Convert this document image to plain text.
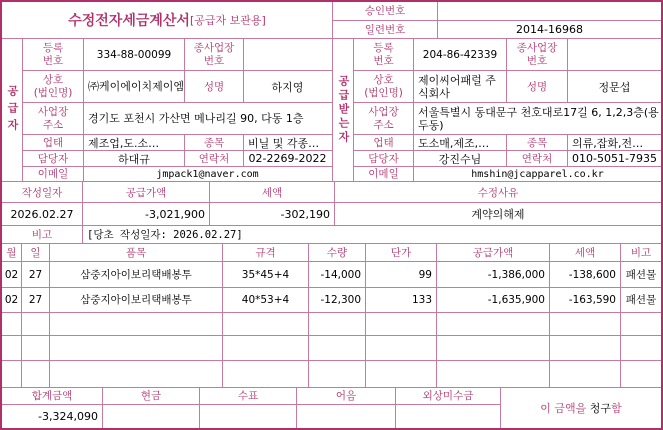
수정전자세금계산서 [공급자 보관용]
승인번호
일련번호	2014-16968
공급자
등록
번호	334-88-00099
종사업장
번호
상호
(법인명)	㈜케이에이치제이엠	성명	하지영
사업장
주소	경기도 포천시 가산면 메나리길 90, 다동 1층
업태	제조업,도.소…	종목	비닐 및 각종…
담당자	하대규	연락처	02-2269-2022
이메일	jmpack1@naver.com
공급받는자
등록
번호	204-86-42339
종사업장
번호
상호
(법인명)
제이씨어패럴 주식회사	성명	정문섭
사업장
주소
서울특별시 동대문구 천호대로17길 6, 1,2,3층(용두동)
업태	도소매,제조,…	종목	의류,잡화,전…
담당자	강진수님	연락처	010-5051-7935
이메일	hmshin@jcapparel.co.kr
작성일자	공급가액	세액	수정사유
2026.02.27	-3,021,900	-302,190	계약의해제
비고	[당초 작성일자: 2026.02.27]
월	일	품목	규격	수량	단가	공급가액	세액	비고
02	27	삼중지아이보리택배봉투	35*45+4	-14,000	99	-1,386,000	-138,600 패션물
02	27	삼중지아이보리택배봉투	40*53+4	-12,300	133	-1,635,900	-163,590 패션물
합계금액	현금	수표	어음	외상미수금
-3,324,090
이 금액을
청구 함
